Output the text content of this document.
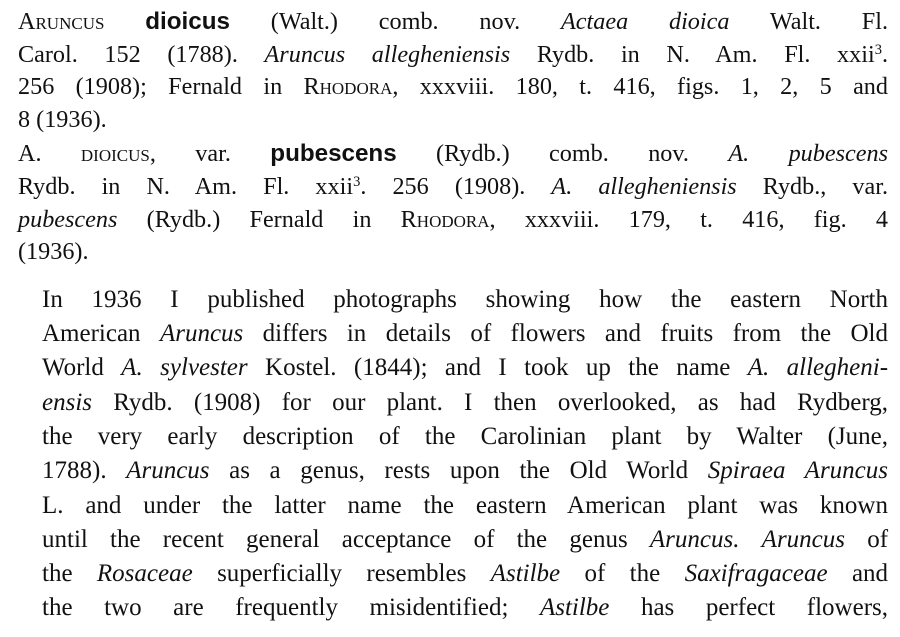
Aruncus dioicus (Walt.) comb. nov. Actaea dioica Walt. Fl.
Carol. 152 (1788). Aruncus allegheniensis Rydb. in N. Am. Fl. xxii$^3$.
256 (1908); Fernald in Rhodora, xxxviii. 180, t. 416, figs. 1, 2, 5 and
8 (1936).

A. dioicus, var. pubescens (Rydb.) comb. nov. A. pubescens
Rydb. in N. Am. Fl. xxii$^3$. 256 (1908). A. allegheniensis Rydb., var.
pubescens (Rydb.) Fernald in Rhodora, xxxviii. 179, t. 416, fig. 4
(1936).

In 1936 I published photographs showing how the eastern North
American Aruncus differs in details of flowers and fruits from the Old
World A. sylvester Kostel. (1844); and I took up the name A. allegheni-
ensis Rydb. (1908) for our plant. I then overlooked, as had Rydberg,
the very early description of the Carolinian plant by Walter (June,
1788). Aruncus as a genus, rests upon the Old World Spiraea Aruncus
L. and under the latter name the eastern American plant was known
until the recent general acceptance of the genus Aruncus. Aruncus of
the Rosaceae superficially resembles Astilbe of the Saxifragaceae and
the two are frequently misidentified; Astilbe has perfect flowers,
